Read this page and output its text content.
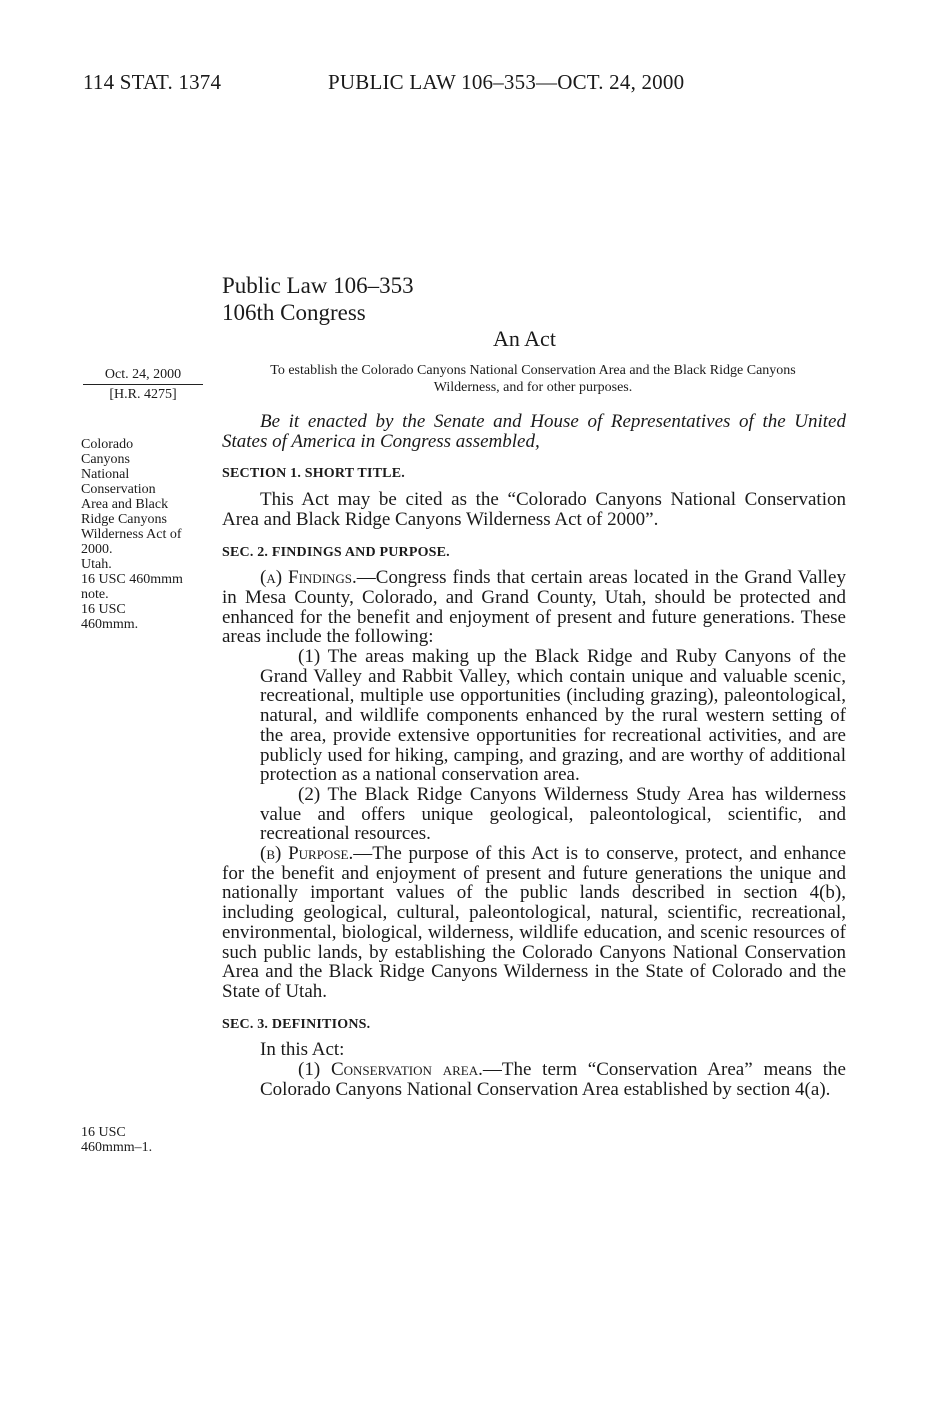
114 STAT. 1374	PUBLIC LAW 106–353—OCT. 24, 2000
Public Law 106–353
106th Congress
An Act
Oct. 24, 2000
[H.R. 4275]
Colorado
Canyons
National
Conservation
Area and Black
Ridge Canyons
Wilderness Act of
2000.
Utah.
16 USC 460mmm
note.
16 USC
460mmm.
16 USC
460mmm–1.
To establish the Colorado Canyons National Conservation Area and the Black Ridge Canyons Wilderness, and for other purposes.

Be it enacted by the Senate and House of Representatives of the United States of America in Congress assembled,

SECTION 1. SHORT TITLE.

This Act may be cited as the “Colorado Canyons National Conservation Area and Black Ridge Canyons Wilderness Act of 2000”.

SEC. 2. FINDINGS AND PURPOSE.

(a) Findings.—Congress finds that certain areas located in the Grand Valley in Mesa County, Colorado, and Grand County, Utah, should be protected and enhanced for the benefit and enjoyment of present and future generations. These areas include the following:

(1) The areas making up the Black Ridge and Ruby Canyons of the Grand Valley and Rabbit Valley, which contain unique and valuable scenic, recreational, multiple use opportunities (including grazing), paleontological, natural, and wildlife components enhanced by the rural western setting of the area, provide extensive opportunities for recreational activities, and are publicly used for hiking, camping, and grazing, and are worthy of additional protection as a national conservation area.

(2) The Black Ridge Canyons Wilderness Study Area has wilderness value and offers unique geological, paleontological, scientific, and recreational resources.

(b) Purpose.—The purpose of this Act is to conserve, protect, and enhance for the benefit and enjoyment of present and future generations the unique and nationally important values of the public lands described in section 4(b), including geological, cultural, paleontological, natural, scientific, recreational, environmental, biological, wilderness, wildlife education, and scenic resources of such public lands, by establishing the Colorado Canyons National Conservation Area and the Black Ridge Canyons Wilderness in the State of Colorado and the State of Utah.

SEC. 3. DEFINITIONS.

In this Act:

(1) Conservation area.—The term “Conservation Area” means the Colorado Canyons National Conservation Area established by section 4(a).
